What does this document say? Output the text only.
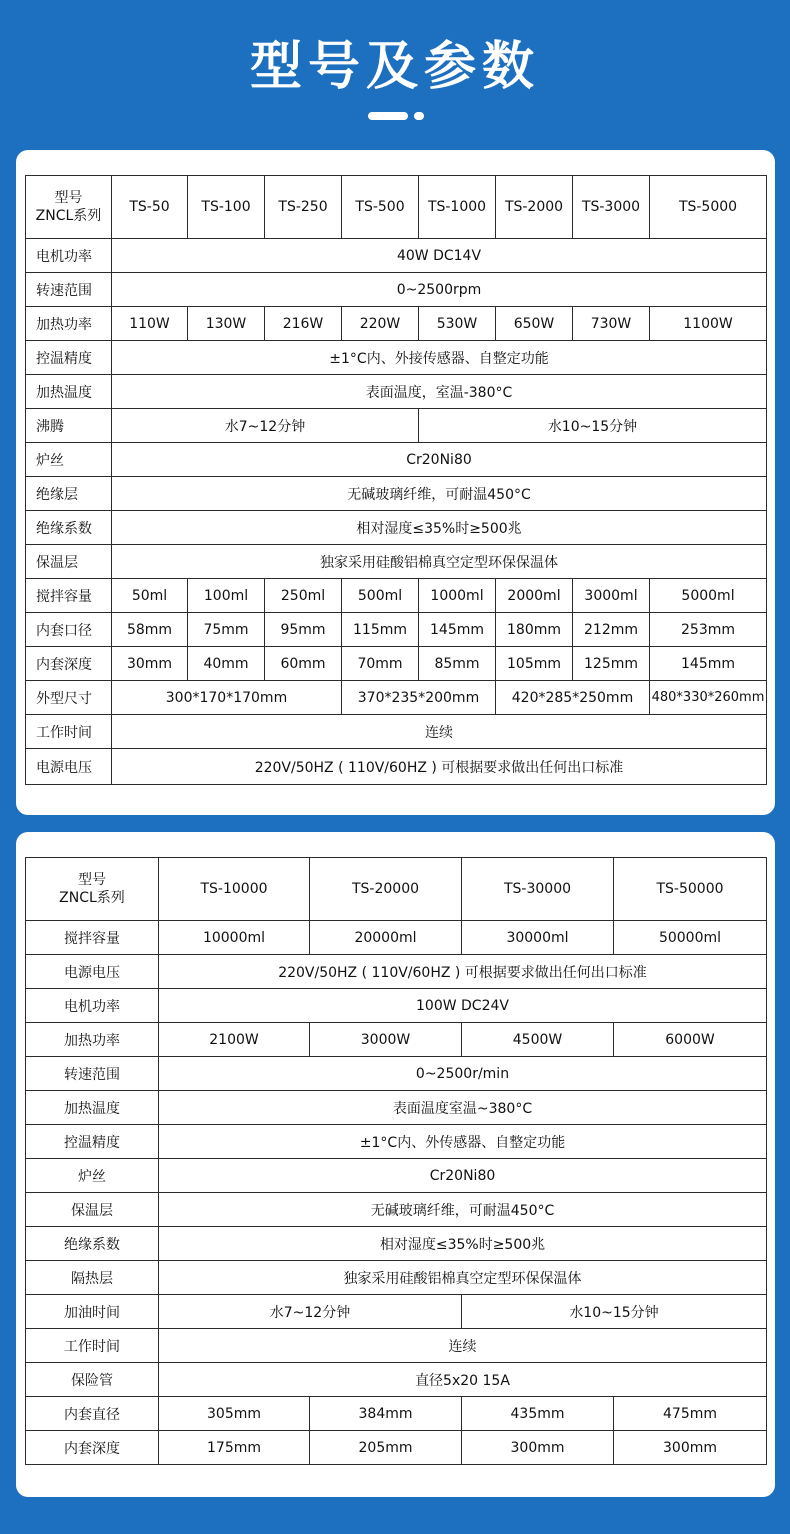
型号及参数
型号
ZNCL系列	TS-50	TS-100	TS-250	TS-500	TS-1000	TS-2000	TS-3000	TS-5000
电机功率	40W DC14V							
转速范围	0~2500rpm							
加热功率	110W	130W	216W	220W	530W	650W	730W	1100W
控温精度	±1°C内、外接传感器、自整定功能							
加热温度	表面温度，室温-380°C							
沸腾	水7~12分钟				水10~15分钟			
炉丝	Cr20Ni80							
绝缘层	无碱玻璃纤维，可耐温450°C							
绝缘系数	相对湿度≤35%时≥500兆							
保温层	独家采用硅酸铝棉真空定型环保保温体							
搅拌容量	50ml	100ml	250ml	500ml	1000ml	2000ml	3000ml	5000ml
内套口径	58mm	75mm	95mm	115mm	145mm	180mm	212mm	253mm
内套深度	30mm	40mm	60mm	70mm	85mm	105mm	125mm	145mm
外型尺寸	300*170*170mm			370*235*200mm		420*285*250mm		480*330*260mm
工作时间	连续							
电源电压	220V/50HZ ( 110V/60HZ ) 可根据要求做出任何出口标准							
型号
ZNCL系列	TS-10000	TS-20000	TS-30000	TS-50000
搅拌容量	10000ml	20000ml	30000ml	50000ml
电源电压	220V/50HZ ( 110V/60HZ ) 可根据要求做出任何出口标准			
电机功率	100W DC24V			
加热功率	2100W	3000W	4500W	6000W
转速范围	0~2500r/min			
加热温度	表面温度室温~380°C			
控温精度	±1°C内、外传感器、自整定功能			
炉丝	Cr20Ni80			
保温层	无碱玻璃纤维，可耐温450°C			
绝缘系数	相对湿度≤35%时≥500兆			
隔热层	独家采用硅酸铝棉真空定型环保保温体			
加油时间	水7~12分钟		水10~15分钟	
工作时间	连续			
保险管	直径5x20 15A			
内套直径	305mm	384mm	435mm	475mm
内套深度	175mm	205mm	300mm	300mm
